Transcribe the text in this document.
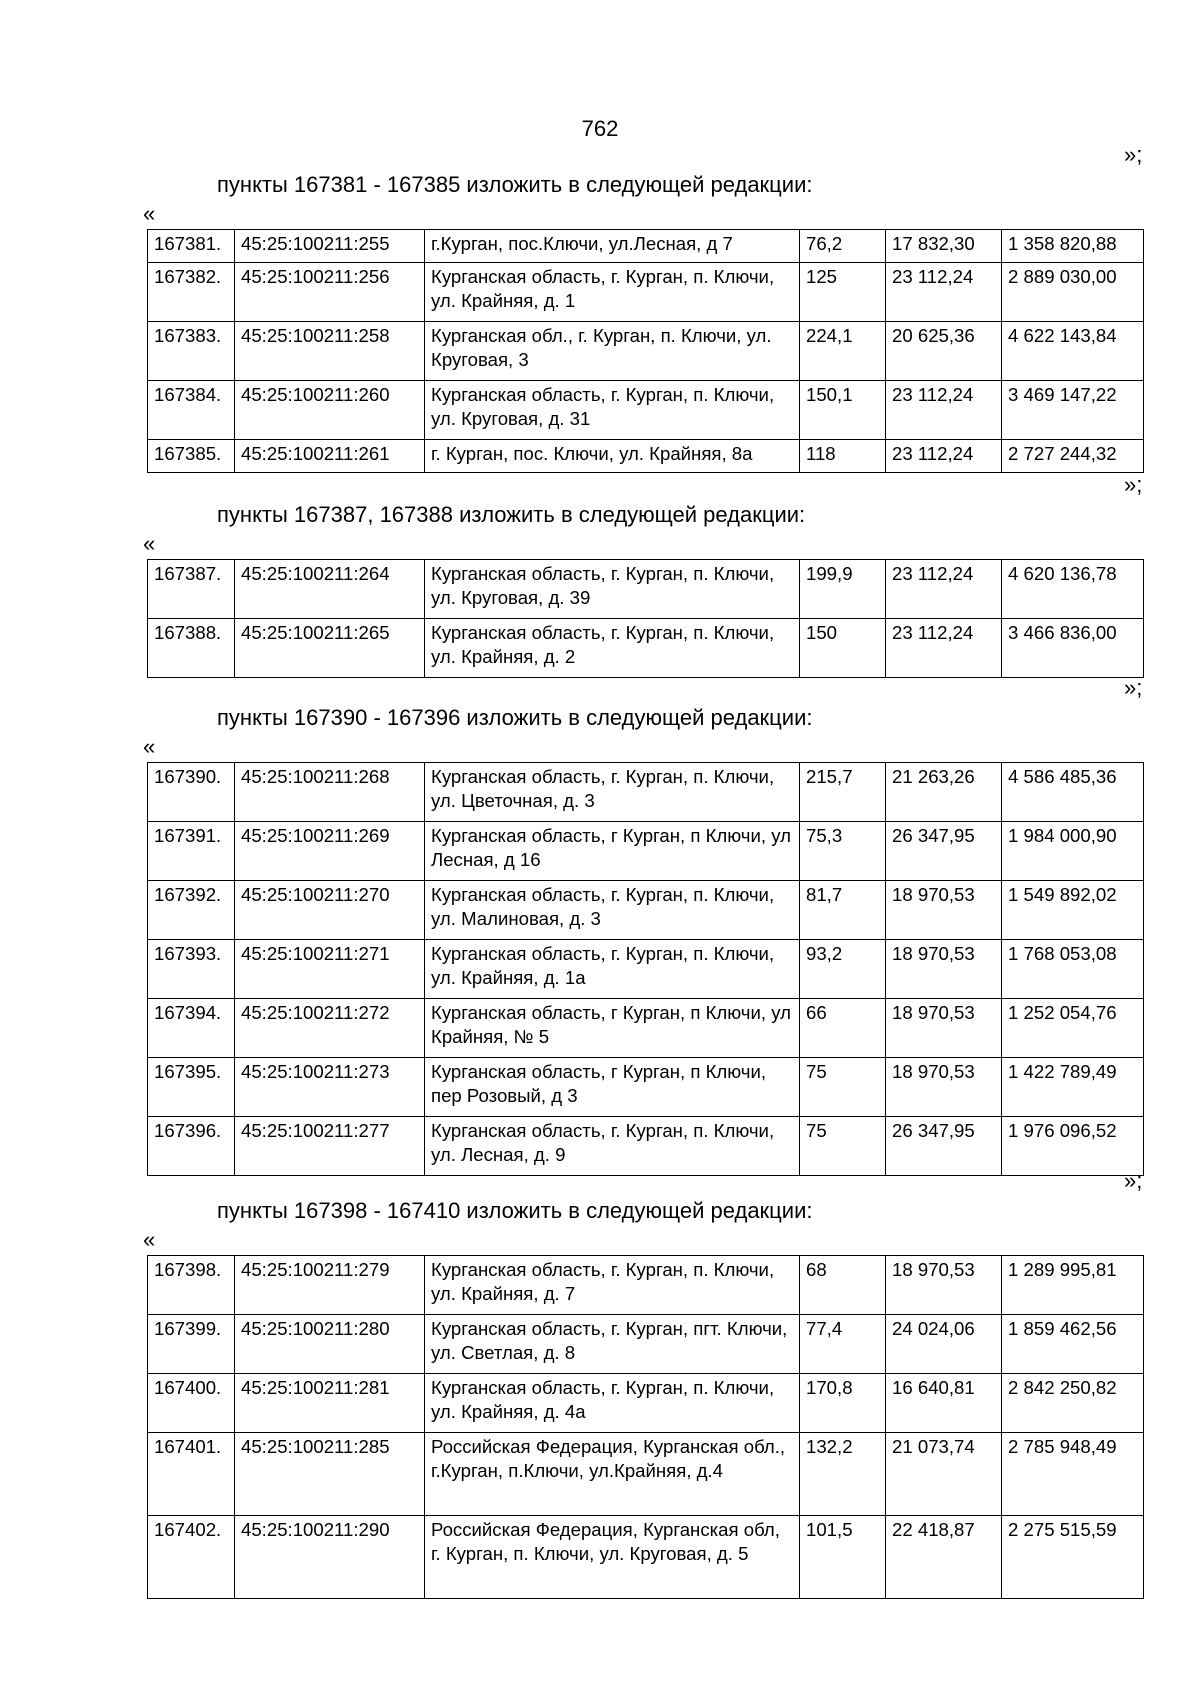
762
»;
пункты 167381 - 167385 изложить в следующей редакции:
«
167381.	45:25:100211:255	г.Курган, пос.Ключи, ул.Лесная, д 7	76,2	17 832,30	1 358 820,88
167382.	45:25:100211:256	Курганская область, г. Курган, п. Ключи, ул. Крайняя, д. 1	125	23 112,24	2 889 030,00
167383.	45:25:100211:258	Курганская обл., г. Курган, п. Ключи, ул. Круговая, 3	224,1	20 625,36	4 622 143,84
167384.	45:25:100211:260	Курганская область, г. Курган, п. Ключи, ул. Круговая, д. 31	150,1	23 112,24	3 469 147,22
167385.	45:25:100211:261	г. Курган, пос. Ключи, ул. Крайняя, 8а	118	23 112,24	2 727 244,32
»;
пункты 167387, 167388 изложить в следующей редакции:
«
167387.	45:25:100211:264	Курганская область, г. Курган, п. Ключи, ул. Круговая, д. 39	199,9	23 112,24	4 620 136,78
167388.	45:25:100211:265	Курганская область, г. Курган, п. Ключи, ул. Крайняя, д. 2	150	23 112,24	3 466 836,00
»;
пункты 167390 - 167396 изложить в следующей редакции:
«
167390.	45:25:100211:268	Курганская область, г. Курган, п. Ключи, ул. Цветочная, д. 3	215,7	21 263,26	4 586 485,36
167391.	45:25:100211:269	Курганская область, г Курган, п Ключи, ул Лесная, д 16	75,3	26 347,95	1 984 000,90
167392.	45:25:100211:270	Курганская область, г. Курган, п. Ключи, ул. Малиновая, д. 3	81,7	18 970,53	1 549 892,02
167393.	45:25:100211:271	Курганская область, г. Курган, п. Ключи, ул. Крайняя, д. 1а	93,2	18 970,53	1 768 053,08
167394.	45:25:100211:272	Курганская область, г Курган, п Ключи, ул Крайняя, № 5	66	18 970,53	1 252 054,76
167395.	45:25:100211:273	Курганская область, г Курган, п Ключи, пер Розовый, д 3	75	18 970,53	1 422 789,49
167396.	45:25:100211:277	Курганская область, г. Курган, п. Ключи, ул. Лесная, д. 9	75	26 347,95	1 976 096,52
»;
пункты 167398 - 167410 изложить в следующей редакции:
«
167398.	45:25:100211:279	Курганская область, г. Курган, п. Ключи, ул. Крайняя, д. 7	68	18 970,53	1 289 995,81
167399.	45:25:100211:280	Курганская область, г. Курган, пгт. Ключи, ул. Светлая, д. 8	77,4	24 024,06	1 859 462,56
167400.	45:25:100211:281	Курганская область, г. Курган, п. Ключи, ул. Крайняя, д. 4а	170,8	16 640,81	2 842 250,82
167401.	45:25:100211:285	Российская Федерация, Курганская обл., г.Курган, п.Ключи, ул.Крайняя, д.4	132,2	21 073,74	2 785 948,49
167402.	45:25:100211:290	Российская Федерация, Курганская обл, г. Курган, п. Ключи, ул. Круговая, д. 5	101,5	22 418,87	2 275 515,59
